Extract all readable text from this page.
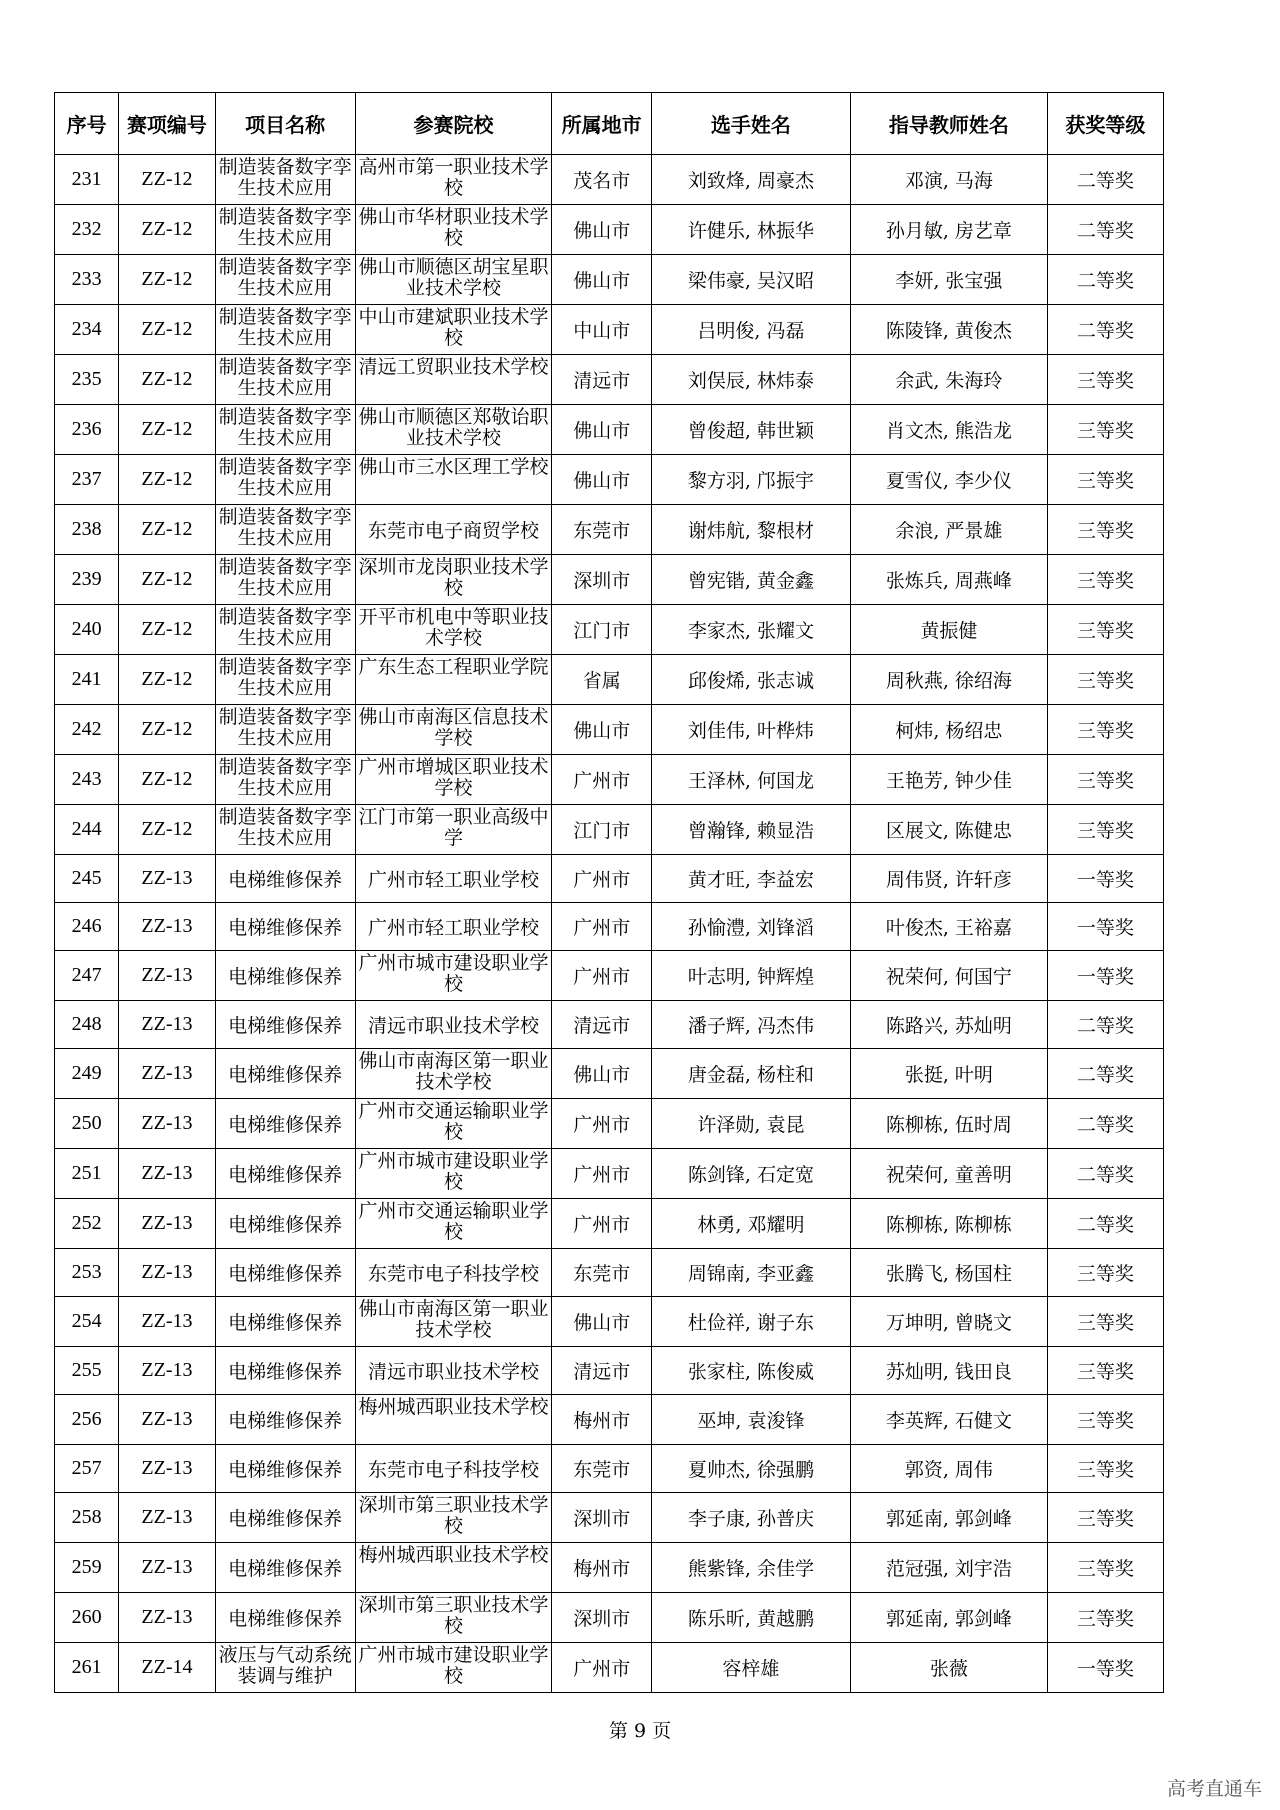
序号	赛项编号	项目名称	参赛院校	所属地市	选手姓名	指导教师姓名	获奖等级
231	ZZ-12	制造装备数字孪生技术应用	高州市第一职业技术学校	茂名市	刘致烽, 周豪杰	邓演, 马海	二等奖
232	ZZ-12	制造装备数字孪生技术应用	佛山市华材职业技术学校	佛山市	许健乐, 林振华	孙月敏, 房艺章	二等奖
233	ZZ-12	制造装备数字孪生技术应用	佛山市顺德区胡宝星职业技术学校	佛山市	梁伟豪, 吴汉昭	李妍, 张宝强	二等奖
234	ZZ-12	制造装备数字孪生技术应用	中山市建斌职业技术学校	中山市	吕明俊, 冯磊	陈陵锋, 黄俊杰	二等奖
235	ZZ-12	制造装备数字孪生技术应用	清远工贸职业技术学校	清远市	刘俣辰, 林炜泰	余武, 朱海玲	三等奖
236	ZZ-12	制造装备数字孪生技术应用	佛山市顺德区郑敬诒职业技术学校	佛山市	曾俊超, 韩世颖	肖文杰, 熊浩龙	三等奖
237	ZZ-12	制造装备数字孪生技术应用	佛山市三水区理工学校	佛山市	黎方羽, 邝振宇	夏雪仪, 李少仪	三等奖
238	ZZ-12	制造装备数字孪生技术应用	东莞市电子商贸学校	东莞市	谢炜航, 黎根材	余浪, 严景雄	三等奖
239	ZZ-12	制造装备数字孪生技术应用	深圳市龙岗职业技术学校	深圳市	曾宪锴, 黄金鑫	张炼兵, 周燕峰	三等奖
240	ZZ-12	制造装备数字孪生技术应用	开平市机电中等职业技术学校	江门市	李家杰, 张耀文	黄振健	三等奖
241	ZZ-12	制造装备数字孪生技术应用	广东生态工程职业学院	省属	邱俊烯, 张志诚	周秋燕, 徐绍海	三等奖
242	ZZ-12	制造装备数字孪生技术应用	佛山市南海区信息技术学校	佛山市	刘佳伟, 叶桦炜	柯炜, 杨绍忠	三等奖
243	ZZ-12	制造装备数字孪生技术应用	广州市增城区职业技术学校	广州市	王泽林, 何国龙	王艳芳, 钟少佳	三等奖
244	ZZ-12	制造装备数字孪生技术应用	江门市第一职业高级中学	江门市	曾瀚锋, 赖显浩	区展文, 陈健忠	三等奖
245	ZZ-13	电梯维修保养	广州市轻工职业学校	广州市	黄才旺, 李益宏	周伟贤, 许轩彦	一等奖
246	ZZ-13	电梯维修保养	广州市轻工职业学校	广州市	孙愉澧, 刘锋滔	叶俊杰, 王裕嘉	一等奖
247	ZZ-13	电梯维修保养	广州市城市建设职业学校	广州市	叶志明, 钟辉煌	祝荣何, 何国宁	一等奖
248	ZZ-13	电梯维修保养	清远市职业技术学校	清远市	潘子辉, 冯杰伟	陈路兴, 苏灿明	二等奖
249	ZZ-13	电梯维修保养	佛山市南海区第一职业技术学校	佛山市	唐金磊, 杨柱和	张挺, 叶明	二等奖
250	ZZ-13	电梯维修保养	广州市交通运输职业学校	广州市	许泽勋, 袁昆	陈柳栋, 伍时周	二等奖
251	ZZ-13	电梯维修保养	广州市城市建设职业学校	广州市	陈剑锋, 石定宽	祝荣何, 童善明	二等奖
252	ZZ-13	电梯维修保养	广州市交通运输职业学校	广州市	林勇, 邓耀明	陈柳栋, 陈柳栋	二等奖
253	ZZ-13	电梯维修保养	东莞市电子科技学校	东莞市	周锦南, 李亚鑫	张腾飞, 杨国柱	三等奖
254	ZZ-13	电梯维修保养	佛山市南海区第一职业技术学校	佛山市	杜俭祥, 谢子东	万坤明, 曾晓文	三等奖
255	ZZ-13	电梯维修保养	清远市职业技术学校	清远市	张家柱, 陈俊威	苏灿明, 钱田良	三等奖
256	ZZ-13	电梯维修保养	梅州城西职业技术学校	梅州市	巫坤, 袁浚锋	李英辉, 石健文	三等奖
257	ZZ-13	电梯维修保养	东莞市电子科技学校	东莞市	夏帅杰, 徐强鹏	郭资, 周伟	三等奖
258	ZZ-13	电梯维修保养	深圳市第三职业技术学校	深圳市	李子康, 孙普庆	郭延南, 郭剑峰	三等奖
259	ZZ-13	电梯维修保养	梅州城西职业技术学校	梅州市	熊紫锋, 余佳学	范冠强, 刘宇浩	三等奖
260	ZZ-13	电梯维修保养	深圳市第三职业技术学校	深圳市	陈乐昕, 黄越鹏	郭延南, 郭剑峰	三等奖
261	ZZ-14	液压与气动系统装调与维护	广州市城市建设职业学校	广州市	容梓雄	张薇	一等奖
第 9 页
高考直通车
